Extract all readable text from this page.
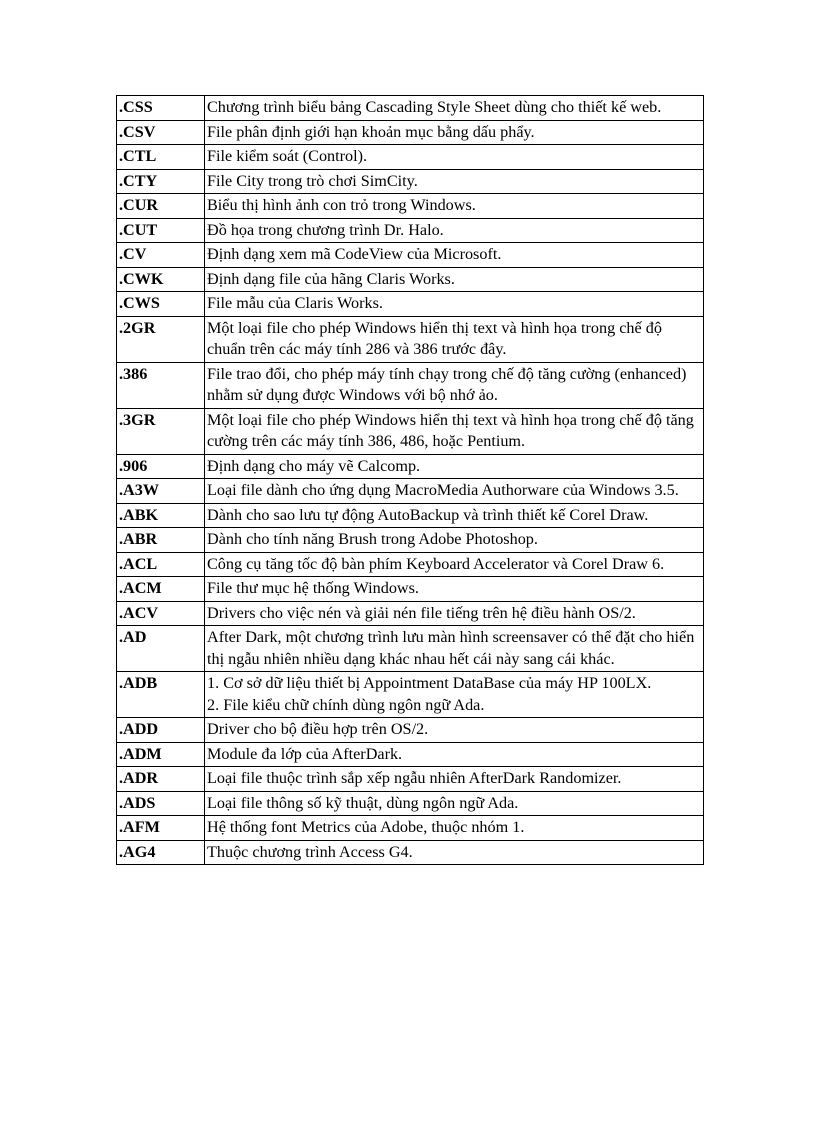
.CSS	Chương trình biểu bảng Cascading Style Sheet dùng cho thiết kế web.

.CSV	File phân định giới hạn khoản mục bằng dấu phẩy.

.CTL	File kiểm soát (Control).

.CTY	File City trong trò chơi SimCity.

.CUR	Biểu thị hình ảnh con trỏ trong Windows.

.CUT	Đồ họa trong chương trình Dr. Halo.

.CV	Định dạng xem mã CodeView của Microsoft.

.CWK	Định dạng file của hãng Claris Works.

.CWS	File mẫu của Claris Works.

.2GR	Một loại file cho phép Windows hiển thị text và hình họa trong chế độ chuẩn trên các máy tính 286 và 386 trước đây.

.386	File trao đổi, cho phép máy tính chạy trong chế độ tăng cường (enhanced) nhằm sử dụng được Windows với bộ nhớ ảo.

.3GR	Một loại file cho phép Windows hiển thị text và hình họa trong chế độ tăng cường trên các máy tính 386, 486, hoặc Pentium.

.906	Định dạng cho máy vẽ Calcomp.

.A3W	Loại file dành cho ứng dụng MacroMedia Authorware của Windows 3.5.

.ABK	Dành cho sao lưu tự động AutoBackup và trình thiết kế Corel Draw.

.ABR	Dành cho tính năng Brush trong Adobe Photoshop.

.ACL	Công cụ tăng tốc độ bàn phím Keyboard Accelerator và Corel Draw 6.

.ACM	File thư mục hệ thống Windows.

.ACV	Drivers cho việc nén và giải nén file tiếng trên hệ điều hành OS/2.

.AD	After Dark, một chương trình lưu màn hình screensaver có thể đặt cho hiển thị ngẫu nhiên nhiều dạng khác nhau hết cái này sang cái khác.

.ADB	1. Cơ sở dữ liệu thiết bị Appointment DataBase của máy HP 100LX.
2. File kiểu chữ chính dùng ngôn ngữ Ada.

.ADD	Driver cho bộ điều hợp trên OS/2.

.ADM	Module đa lớp của AfterDark.

.ADR	Loại file thuộc trình sắp xếp ngẫu nhiên AfterDark Randomizer.

.ADS	Loại file thông số kỹ thuật, dùng ngôn ngữ Ada.

.AFM	Hệ thống font Metrics của Adobe, thuộc nhóm 1.

.AG4	Thuộc chương trình Access G4.
